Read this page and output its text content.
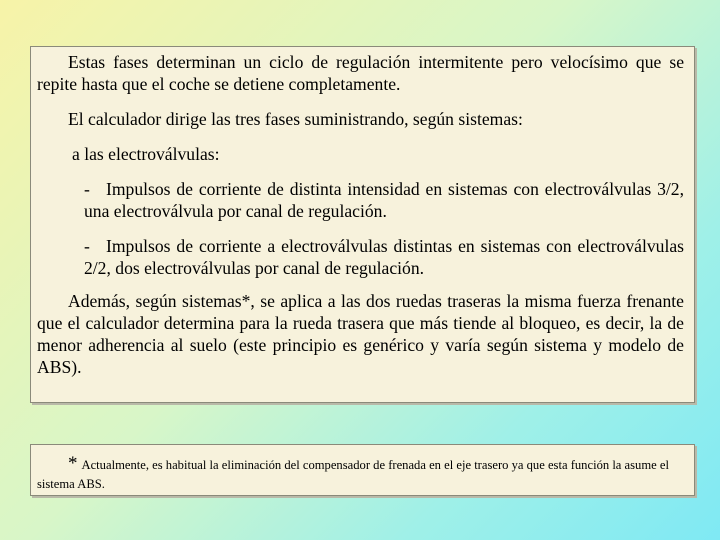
Estas fases determinan un ciclo de regulación intermitente pero velocísimo que se repite hasta que el coche se detiene completamente.

El calculador dirige las tres fases suministrando, según sistemas:

a las electroválvulas:

- Impulsos de corriente de distinta intensidad en sistemas con electroválvulas 3/2, una electroválvula por canal de regulación.

- Impulsos de corriente a electroválvulas distintas en sistemas con electroválvulas 2/2, dos electroválvulas por canal de regulación.

Además, según sistemas*, se aplica a las dos ruedas traseras la misma fuerza frenante que el calculador determina para la rueda trasera que más tiende al bloqueo, es decir, la de menor adherencia al suelo (este principio es genérico y varía según sistema y modelo de ABS).

* Actualmente, es habitual la eliminación del compensador de frenada en el eje trasero ya que esta función la asume el sistema ABS.
